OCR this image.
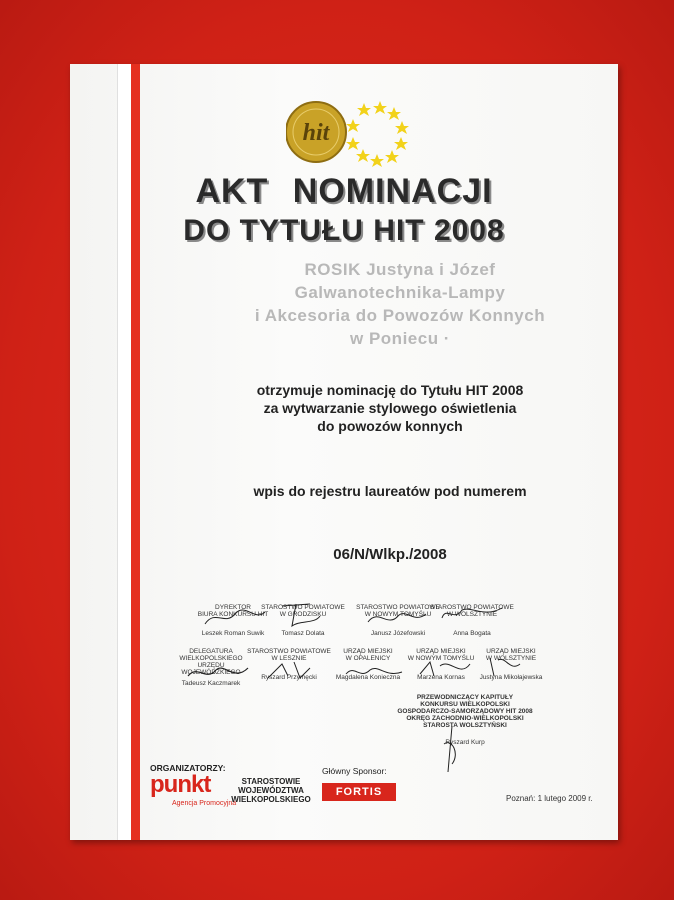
hit
AKT NOMINACJI
DO TYTUŁU HIT 2008
ROSIK Justyna i Józef
Galwanotechnika-Lampy
i Akcesoria do Powozów Konnych
w Poniecu ·
otrzymuje nominację do Tytułu HIT 2008
za wytwarzanie stylowego oświetlenia
do powozów konnych
wpis do rejestru laureatów pod numerem
06/N/Wlkp./2008
DYREKTOR
BIURA KONKURSU HIT
Leszek Roman Suwik
STAROSTWO POWIATOWE
W GRODZISKU
Tomasz Dolata
STAROSTWO POWIATOWE
W NOWYM TOMYŚLU
Janusz Józefowski
STAROSTWO POWIATOWE
W WOLSZTYNIE
Anna Bogata
DELEGATURA
WIELKOPOLSKIEGO URZĘDU
WOJEWÓDZKIEGO
Tadeusz Kaczmarek
STAROSTWO POWIATOWE
W LESZNIE
Ryszard Przymęcki
URZĄD MIEJSKI
W OPALENICY
Magdalena Konieczna
URZĄD MIEJSKI
W NOWYM TOMYŚLU
Marzena Kornas
URZĄD MIEJSKI
W WOLSZTYNIE
Justyna Mikołajewska
PRZEWODNICZĄCY KAPITUŁY
KONKURSU WIELKOPOLSKI
GOSPODARCZO-SAMORZĄDOWY HIT 2008
OKRĘG ZACHODNIO-WIELKOPOLSKI
STAROSTA WOLSZTYŃSKI
Ryszard Kurp
ORGANIZATORZY:
punkt
Agencja Promocyjna
STAROSTOWIE
WOJEWÓDZTWA
WIELKOPOLSKIEGO
Główny Sponsor:
FORTIS
Poznań: 1 lutego 2009 r.
